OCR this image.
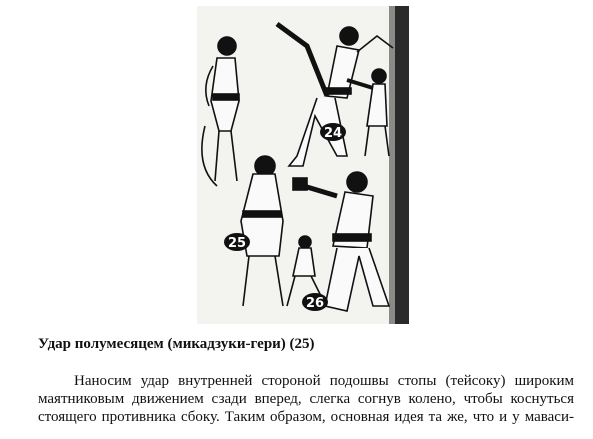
24
25
26
Удар полумесяцем (микадзуки-гери) (25)
Наносим удар внутренней стороной подошвы стопы (тейсоку) широким
маятниковым движением сзади вперед, слегка согнув колено, чтобы коснуться
стоящего противника сбоку. Таким образом, основная идея та же, что и у маваси-
